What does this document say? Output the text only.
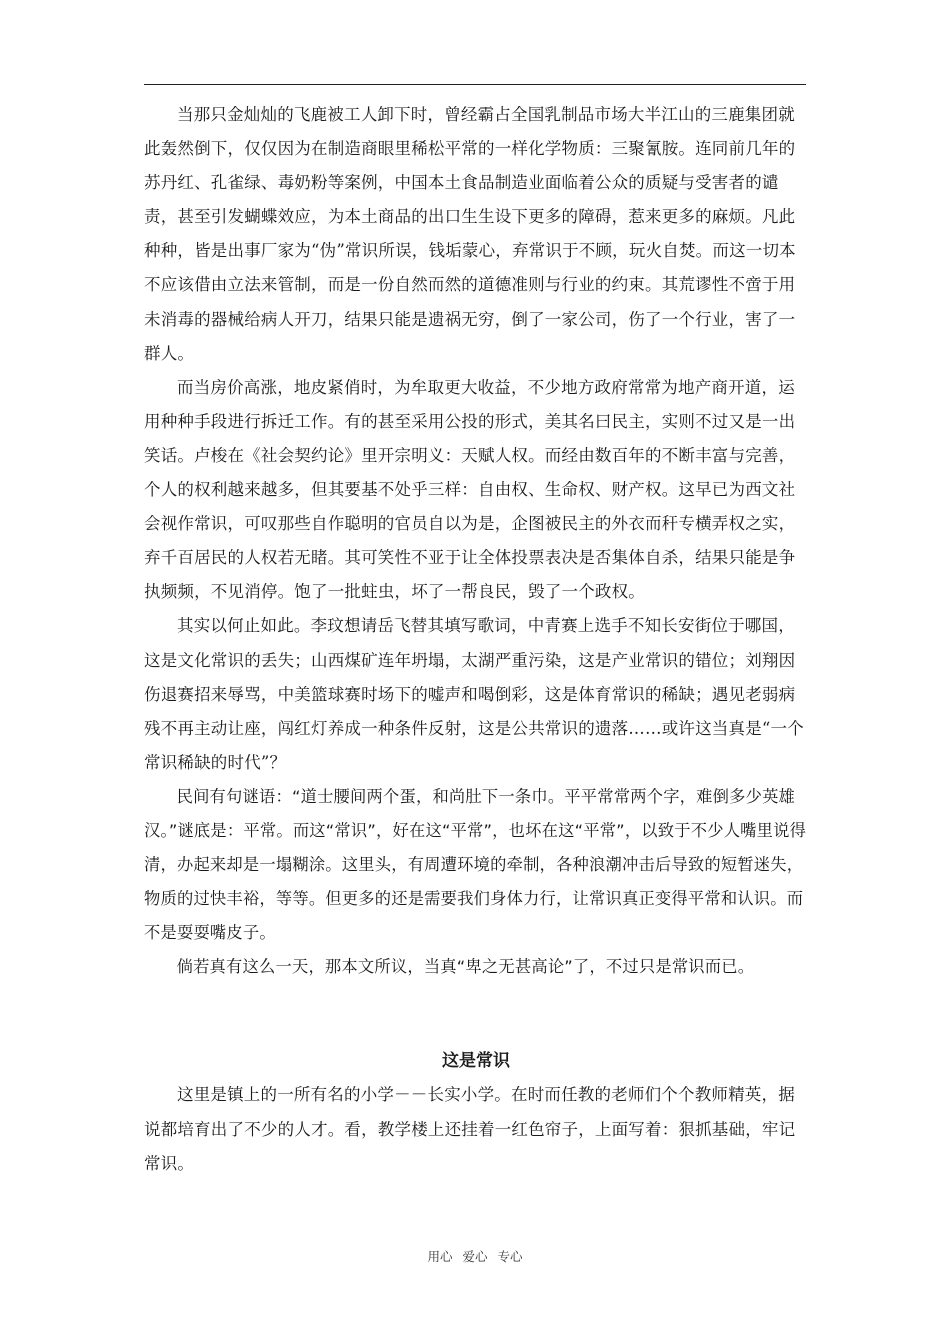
当那只金灿灿的飞鹿被工人卸下时，曾经霸占全国乳制品市场大半江山的三鹿集团就此轰然倒下，仅仅因为在制造商眼里稀松平常的一样化学物质：三聚氰胺。连同前几年的苏丹红、孔雀绿、毒奶粉等案例，中国本土食品制造业面临着公众的质疑与受害者的谴责，甚至引发蝴蝶效应，为本土商品的出口生生设下更多的障碍，惹来更多的麻烦。凡此种种，皆是出事厂家为“伪”常识所误，钱垢蒙心，弃常识于不顾，玩火自焚。而这一切本不应该借由立法来管制，而是一份自然而然的道德准则与行业的约束。其荒谬性不啻于用未消毒的器械给病人开刀，结果只能是遗祸无穷，倒了一家公司，伤了一个行业，害了一群人。

而当房价高涨，地皮紧俏时，为牟取更大收益，不少地方政府常常为地产商开道，运用种种手段进行拆迁工作。有的甚至采用公投的形式，美其名曰民主，实则不过又是一出笑话。卢梭在《社会契约论》里开宗明义：天赋人权。而经由数百年的不断丰富与完善，个人的权利越来越多，但其要基不处乎三样：自由权、生命权、财产权。这早已为西文社会视作常识，可叹那些自作聪明的官员自以为是，企图被民主的外衣而秆专横弄权之实，弃千百居民的人权若无睹。其可笑性不亚于让全体投票表决是否集体自杀，结果只能是争执频频，不见消停。饱了一批蛀虫，坏了一帮良民，毁了一个政权。

其实以何止如此。李玟想请岳飞替其填写歌词，中青赛上选手不知长安街位于哪国，这是文化常识的丢失；山西煤矿连年坍塌，太湖严重污染，这是产业常识的错位；刘翔因伤退赛招来辱骂，中美篮球赛时场下的嘘声和喝倒彩，这是体育常识的稀缺；遇见老弱病残不再主动让座，闯红灯养成一种条件反射，这是公共常识的遗落……或许这当真是“一个常识稀缺的时代”？

民间有句谜语：“道士腰间两个蛋，和尚肚下一条巾。平平常常两个字，难倒多少英雄汉。”谜底是：平常。而这“常识”，好在这“平常”，也坏在这“平常”，以致于不少人嘴里说得清，办起来却是一塌糊涂。这里头，有周遭环境的牵制，各种浪潮冲击后导致的短暂迷失，物质的过快丰裕，等等。但更多的还是需要我们身体力行，让常识真正变得平常和认识。而不是耍耍嘴皮子。

倘若真有这么一天，那本文所议，当真“卑之无甚高论”了，不过只是常识而已。

这是常识

这里是镇上的一所有名的小学－－长实小学。在时而任教的老师们个个教师精英，据说都培育出了不少的人才。看，教学楼上还挂着一红色帘子，上面写着：狠抓基础，牢记常识。

用心 爱心 专心
